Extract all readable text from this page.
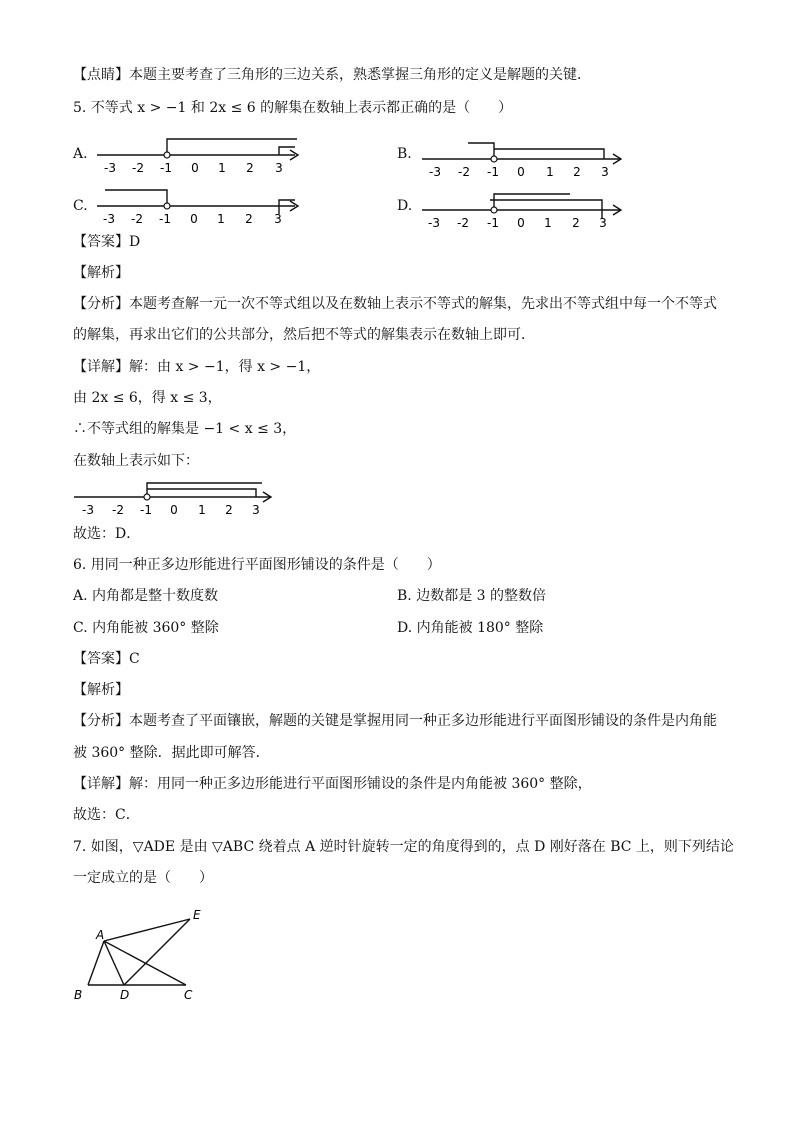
【点睛】本题主要考查了三角形的三边关系，熟悉掌握三角形的定义是解题的关键．
5. 不等式 x > −1 和 2x ≤ 6 的解集在数轴上表示都正确的是（　　）
A.	B.
C.	D.
-3 -2 -1 0 1 2 3	-3 -2 -1 0 1 2 3
-3 -2 -1 0 1 2 3	-3 -2 -1 0 1 2 3
【答案】D
【解析】
【分析】本题考查解一元一次不等式组以及在数轴上表示不等式的解集，先求出不等式组中每一个不等式
的解集，再求出它们的公共部分，然后把不等式的解集表示在数轴上即可．
【详解】解：由 x > −1，得 x > −1，
由 2x ≤ 6，得 x ≤ 3，
∴不等式组的解集是 −1 < x ≤ 3，
在数轴上表示如下：
-3 -2 -1 0 1 2 3
故选：D．
6. 用同一种正多边形能进行平面图形铺设的条件是（　　）
A. 内角都是整十数度数	B. 边数都是 3 的整数倍
C. 内角能被 360° 整除	D. 内角能被 180° 整除
【答案】C
【解析】
【分析】本题考查了平面镶嵌，解题的关键是掌握用同一种正多边形能进行平面图形铺设的条件是内角能
被 360° 整除．据此即可解答．
【详解】解：用同一种正多边形能进行平面图形铺设的条件是内角能被 360° 整除，
故选：C．
7. 如图，▽ADE 是由 ▽ABC 绕着点 A 逆时针旋转一定的角度得到的，点 D 刚好落在 BC 上，则下列结论
一定成立的是（　　）
A
E
B	D	C
